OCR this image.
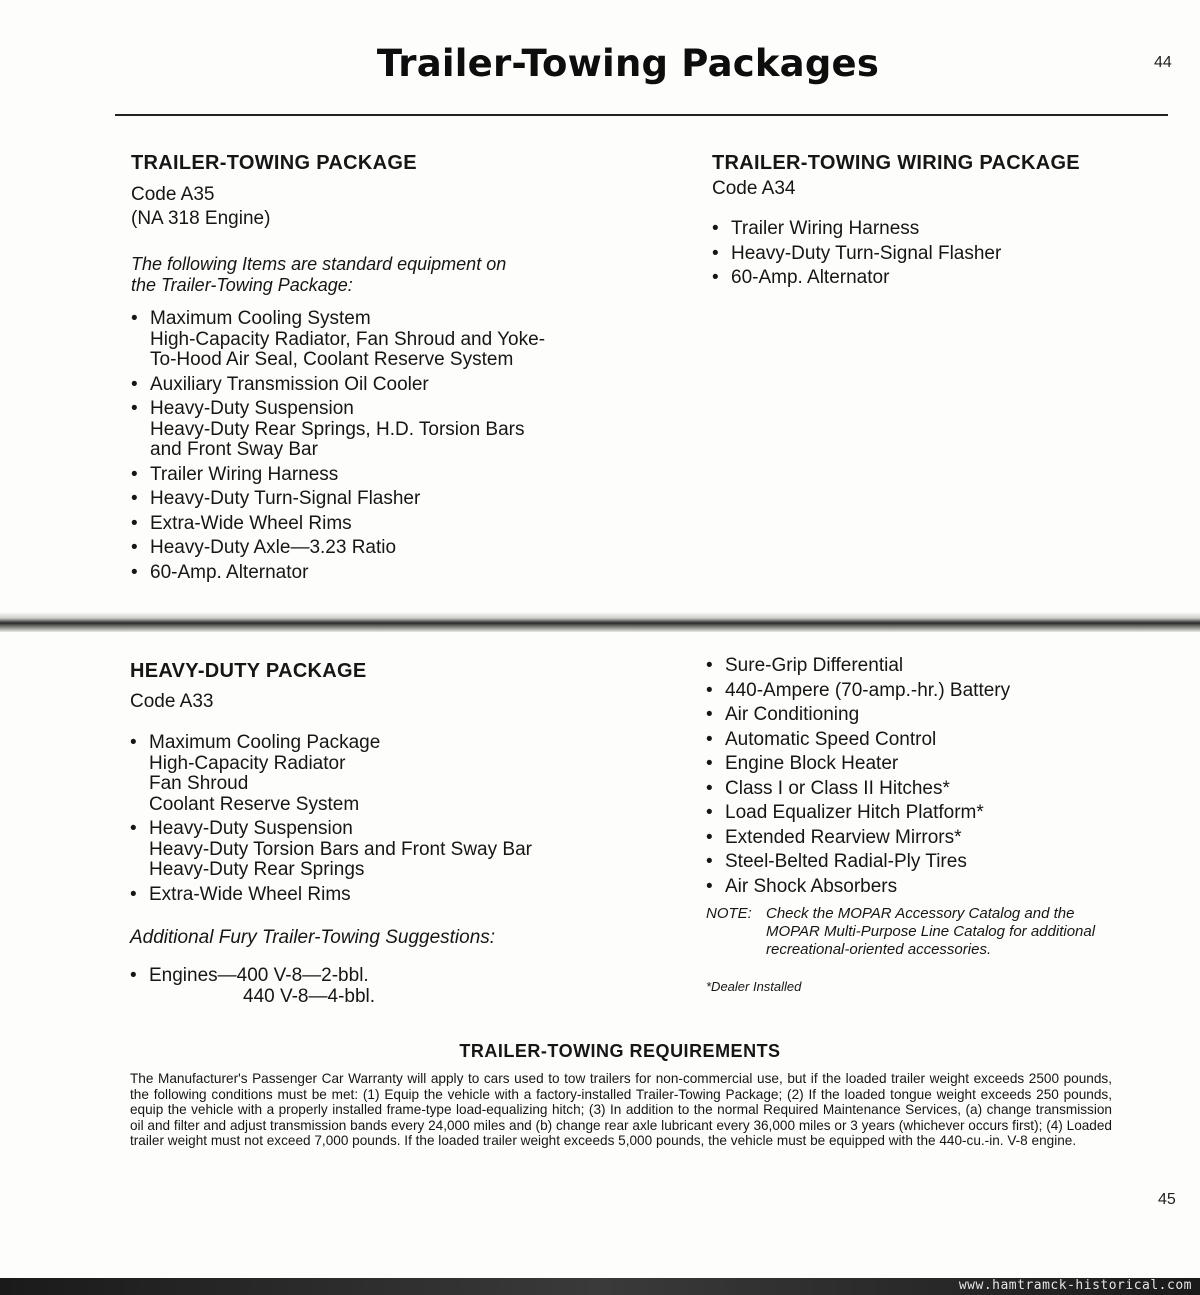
Trailer-Towing Packages	44
TRAILER-TOWING PACKAGE
Code A35
(NA 318 Engine)
The following Items are standard equipment on
the Trailer-Towing Package:
• Maximum Cooling System
High-Capacity Radiator, Fan Shroud and Yoke-
To-Hood Air Seal, Coolant Reserve System
• Auxiliary Transmission Oil Cooler
• Heavy-Duty Suspension
Heavy-Duty Rear Springs, H.D. Torsion Bars
and Front Sway Bar
• Trailer Wiring Harness
• Heavy-Duty Turn-Signal Flasher
• Extra-Wide Wheel Rims
• Heavy-Duty Axle—3.23 Ratio
• 60-Amp. Alternator
TRAILER-TOWING WIRING PACKAGE
Code A34
• Trailer Wiring Harness
• Heavy-Duty Turn-Signal Flasher
• 60-Amp. Alternator
HEAVY-DUTY PACKAGE
Code A33
• Maximum Cooling Package
High-Capacity Radiator
Fan Shroud
Coolant Reserve System
• Heavy-Duty Suspension
Heavy-Duty Torsion Bars and Front Sway Bar
Heavy-Duty Rear Springs
• Extra-Wide Wheel Rims
Additional Fury Trailer-Towing Suggestions:
• Engines—400 V-8—2-bbl.
440 V-8—4-bbl.
• Sure-Grip Differential
• 440-Ampere (70-amp.-hr.) Battery
• Air Conditioning
• Automatic Speed Control
• Engine Block Heater
• Class I or Class II Hitches*
• Load Equalizer Hitch Platform*
• Extended Rearview Mirrors*
• Steel-Belted Radial-Ply Tires
• Air Shock Absorbers
NOTE: Check the MOPAR Accessory Catalog and the
MOPAR Multi-Purpose Line Catalog for additional
recreational-oriented accessories.
*Dealer Installed
TRAILER-TOWING REQUIREMENTS
The Manufacturer's Passenger Car Warranty will apply to cars used to tow trailers for non-commercial use, but if the loaded trailer weight exceeds 2500 pounds, the following conditions must be met: (1) Equip the vehicle with a factory-installed Trailer-Towing Package; (2) If the loaded tongue weight exceeds 250 pounds, equip the vehicle with a properly installed frame-type load-equalizing hitch; (3) In addition to the normal Required Maintenance Services, (a) change transmission oil and filter and adjust transmission bands every 24,000 miles and (b) change rear axle lubricant every 36,000 miles or 3 years (whichever occurs first); (4) Loaded trailer weight must not exceed 7,000 pounds. If the loaded trailer weight exceeds 5,000 pounds, the vehicle must be equipped with the 440-cu.-in. V-8 engine.
45
www.hamtramck-historical.com
